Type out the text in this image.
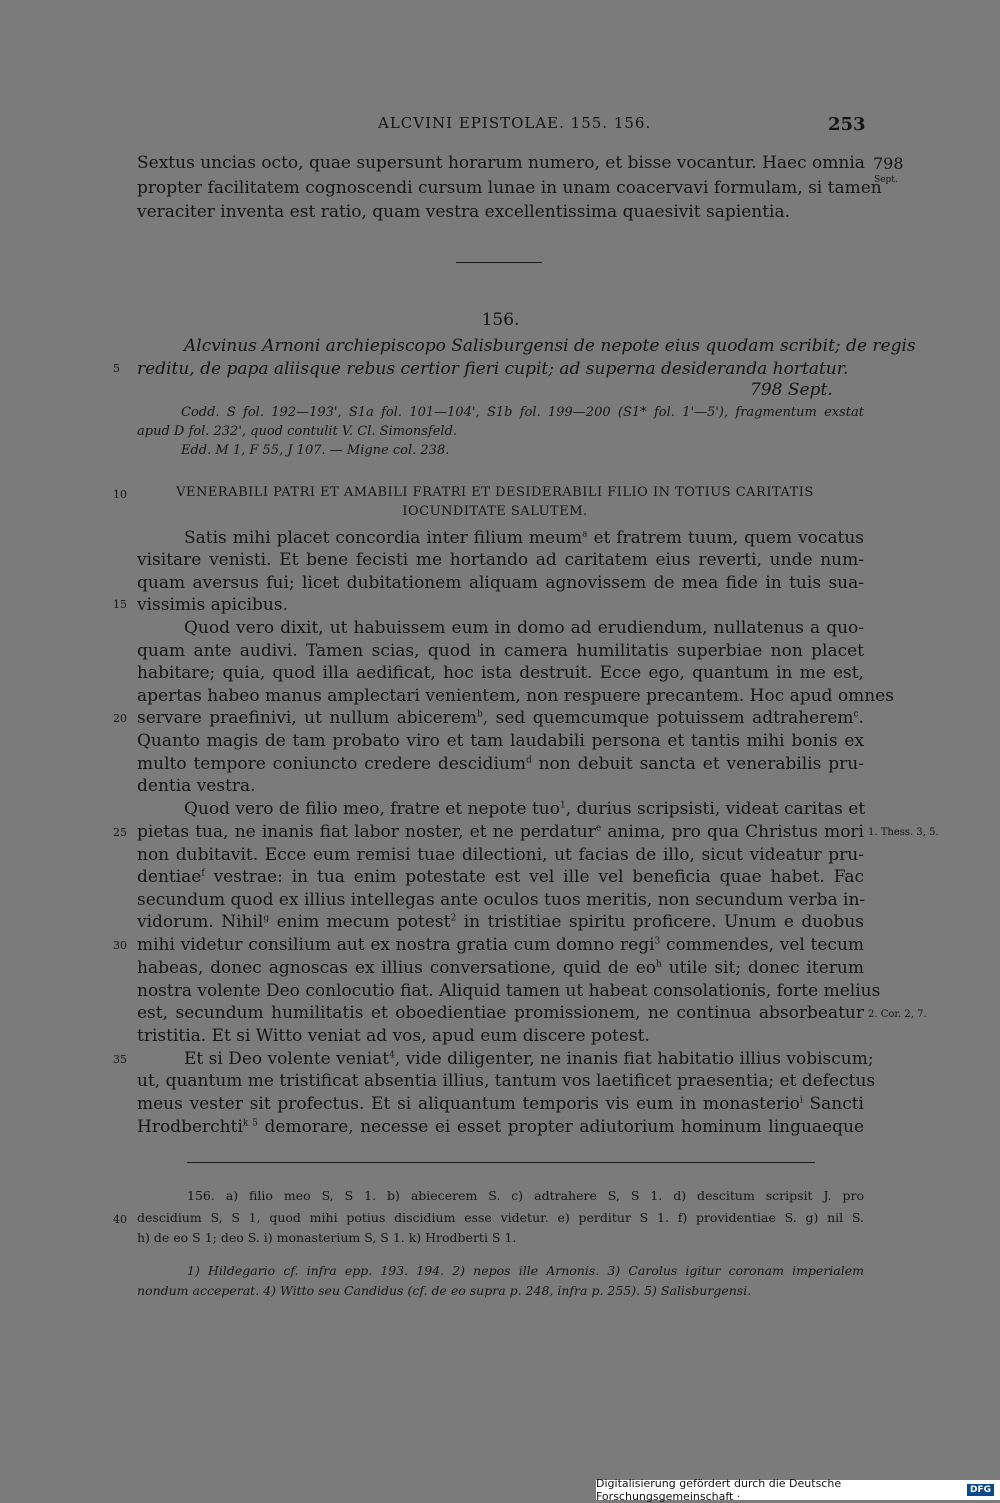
ALCVINI EPISTOLAE. 155. 156.	253
798
Sept.
Sextus uncias octo, quae supersunt horarum numero, et bisse vocantur. Haec omnia
propter facilitatem cognoscendi cursum lunae in unam coacervavi formulam, si tamen
veraciter inventa est ratio, quam vestra excellentissima quaesivit sapientia.
156.
5
Alcvinus Arnoni archiepiscopo Salisburgensi de nepote eius quodam scribit; de regis
reditu, de papa aliisque rebus certior fieri cupit; ad superna desideranda hortatur.
798 Sept.
Codd. S fol. 192—193', S1a fol. 101—104', S1b fol. 199—200 (S1* fol. 1'—5'), fragmentum exstat
apud D fol. 232', quod contulit V. Cl. Simonsfeld.
Edd. M 1, F 55, J 107. — Migne col. 238.
10	VENERABILI PATRI ET AMABILI FRATRI ET DESIDERABILI FILIO IN TOTIUS CARITATIS
IOCUNDITATE SALUTEM.
Satis mihi placet concordia inter filium meum$^a$ et fratrem tuum, quem vocatus
visitare venisti. Et bene fecisti me hortando ad caritatem eius reverti, unde num-
quam aversus fui; licet dubitationem aliquam agnovissem de mea fide in tuis sua-
15 vissimis apicibus.
Quod vero dixit, ut habuissem eum in domo ad erudiendum, nullatenus a quo-
quam ante audivi. Tamen scias, quod in camera humilitatis superbiae non placet
habitare; quia, quod illa aedificat, hoc ista destruit. Ecce ego, quantum in me est,
apertas habeo manus amplectari venientem, non respuere precantem. Hoc apud omnes
20 servare praefinivi, ut nullum abicerem$^b$, sed quemcumque potuissem adtraherem$^c$.
Quanto magis de tam probato viro et tam laudabili persona et tantis mihi bonis ex
multo tempore coniuncto credere descidium$^d$ non debuit sancta et venerabilis pru-
dentia vestra.
Quod vero de filio meo, fratre et nepote tuo$^1$, durius scripsisti, videat caritas et
25 pietas tua, ne inanis fiat labor noster, et ne perdatur$^e$ anima, pro qua Christus mori 1. Thess. 3, 5.
non dubitavit. Ecce eum remisi tuae dilectioni, ut facias de illo, sicut videatur pru-
dentiae$^f$ vestrae: in tua enim potestate est vel ille vel beneficia quae habet. Fac
secundum quod ex illius intellegas ante oculos tuos meritis, non secundum verba in-
vidorum. Nihil$^g$ enim mecum potest$^2$ in tristitiae spiritu proficere. Unum e duobus
30 mihi videtur consilium aut ex nostra gratia cum domno regi$^3$ commendes, vel tecum
habeas, donec agnoscas ex illius conversatione, quid de $eo^h$ utile sit; donec iterum
nostra volente Deo conlocutio fiat. Aliquid tamen ut habeat consolationis, forte melius
est, secundum humilitatis et oboedientiae promissionem, ne continua absorbeatur 2. Cor. 2, 7.
tristitia. Et si Witto veniat ad vos, apud eum discere potest.
35	Et si Deo volente veniat$^4$, vide diligenter, ne inanis fiat habitatio illius vobiscum;
ut, quantum me tristificat absentia illius, tantum vos laetificet praesentia; et defectus
meus vester sit profectus. Et si aliquantum temporis vis eum in monasterio$^i$ Sancti
Hrodberchti$^{k 5}$ demorare, necesse ei esset propter adiutorium hominum linguaeque
156. a) filio meo S, S 1. b) abiecerem S. c) adtrahere S, S 1. d) descitum scripsit J. pro
40 descidium S, S 1, quod mihi potius discidium esse videtur. e) perditur S 1. f) providentiae S. g) nil S.
h) de eo S 1; deo S. i) monasterium S, S 1. k) Hrodberti S 1.
1) Hildegario cf. infra epp. 193. 194. 2) nepos ille Arnonis. 3) Carolus igitur coronam imperialem
nondum acceperat. 4) Witto seu Candidus (cf. de eo supra p. 248, infra p. 255). 5) Salisburgensi.
Digitalisierung gefördert durch die Deutsche Forschungsgemeinschaft ·	DFG
